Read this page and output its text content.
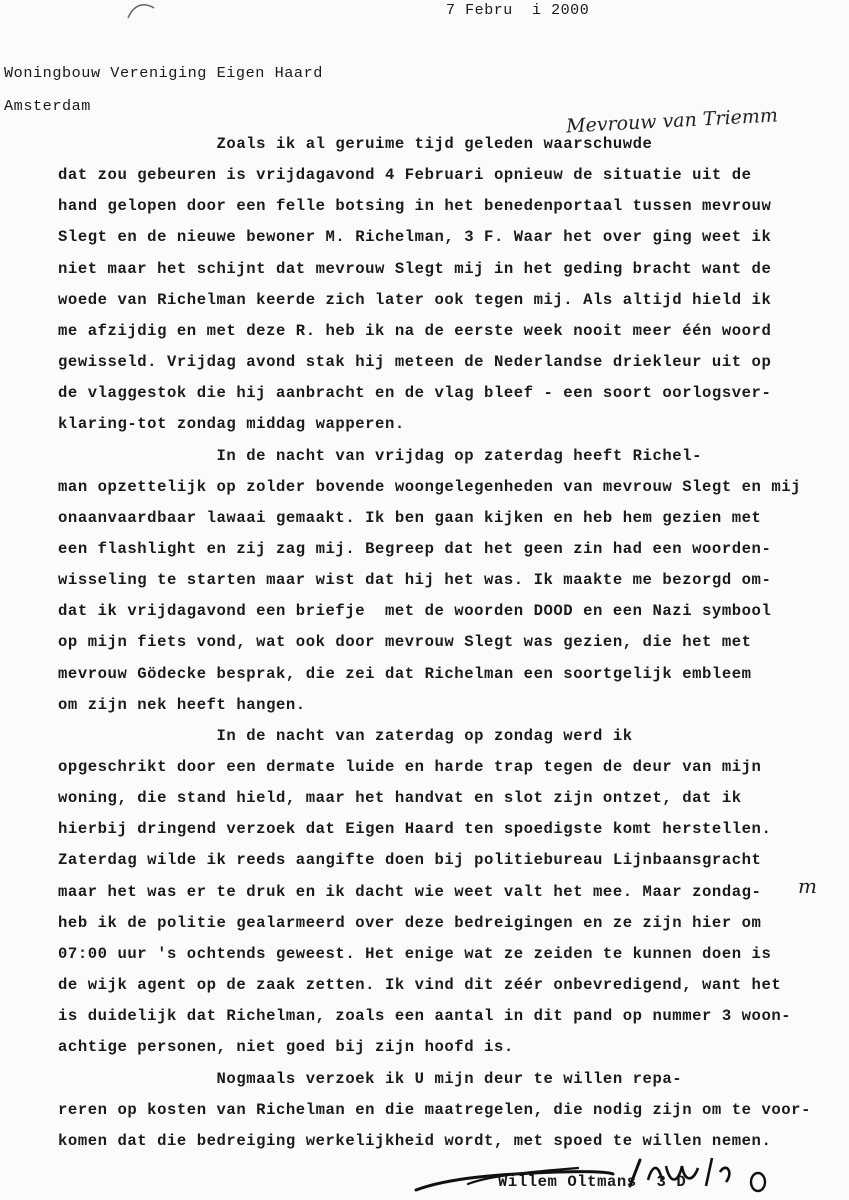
7 Febru  i 2000
Woningbouw Vereniging Eigen Haard
Amsterdam	Mevrouw van Triemm
Zoals ik al geruime tijd geleden waarschuwde
dat zou gebeuren is vrijdagavond 4 Februari opnieuw de situatie uit de
hand gelopen door een felle botsing in het benedenportaal tussen mevrouw
Slegt en de nieuwe bewoner M. Richelman, 3 F. Waar het over ging weet ik
niet maar het schijnt dat mevrouw Slegt mij in het geding bracht want de
woede van Richelman keerde zich later ook tegen mij. Als altijd hield ik
me afzijdig en met deze R. heb ik na de eerste week nooit meer één woord
gewisseld. Vrijdag avond stak hij meteen de Nederlandse driekleur uit op
de vlaggestok die hij aanbracht en de vlag bleef - een soort oorlogsver-
klaring-tot zondag middag wapperen.
In de nacht van vrijdag op zaterdag heeft Richel-
man opzettelijk op zolder bovende woongelegenheden van mevrouw Slegt en mij
onaanvaardbaar lawaai gemaakt. Ik ben gaan kijken en heb hem gezien met
een flashlight en zij zag mij. Begreep dat het geen zin had een woorden-
wisseling te starten maar wist dat hij het was. Ik maakte me bezorgd om-
dat ik vrijdagavond een briefje  met de woorden DOOD en een Nazi symbool
op mijn fiets vond, wat ook door mevrouw Slegt was gezien, die het met
mevrouw Gödecke besprak, die zei dat Richelman een soortgelijk embleem
om zijn nek heeft hangen.
In de nacht van zaterdag op zondag werd ik
opgeschrikt door een dermate luide en harde trap tegen de deur van mijn
woning, die stand hield, maar het handvat en slot zijn ontzet, dat ik
hierbij dringend verzoek dat Eigen Haard ten spoedigste komt herstellen.
Zaterdag wilde ik reeds aangifte doen bij politiebureau Lijnbaansgracht
maar het was er te druk en ik dacht wie weet valt het mee. Maar zondag-
heb ik de politie gealarmeerd over deze bedreigingen en ze zijn hier om
07:00 uur 's ochtends geweest. Het enige wat ze zeiden te kunnen doen is
de wijk agent op de zaak zetten. Ik vind dit zéér onbevredigend, want het
is duidelijk dat Richelman, zoals een aantal in dit pand op nummer 3 woon-
achtige personen, niet goed bij zijn hoofd is.
Nogmaals verzoek ik U mijn deur te willen repa-
reren op kosten van Richelman en die maatregelen, die nodig zijn om te voor-
komen dat die bedreiging werkelijkheid wordt, met spoed te willen nemen.
m
Willem Oltmans  3 D
